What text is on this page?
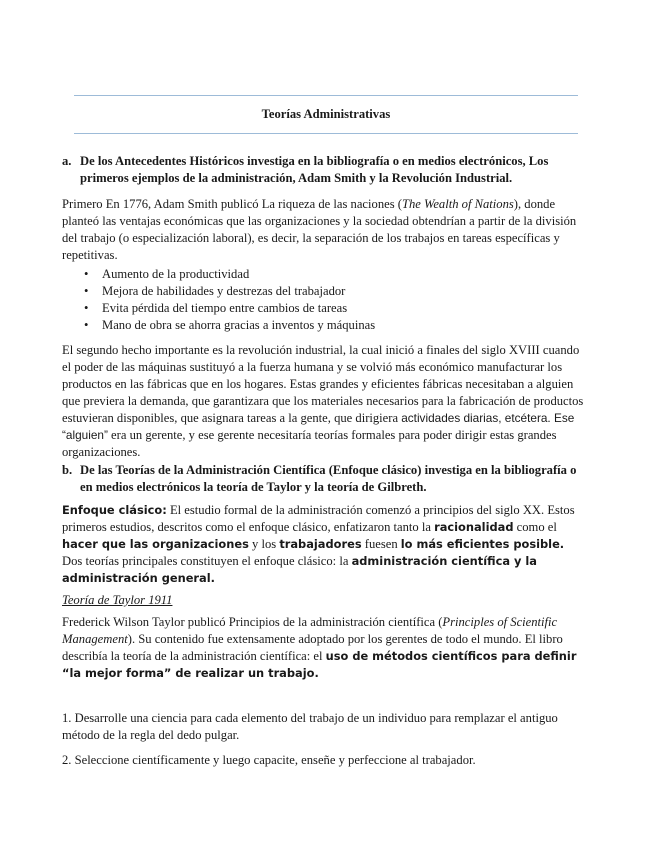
Teorías Administrativas
a. De los Antecedentes Históricos investiga en la bibliografía o en medios electrónicos, Los primeros ejemplos de la administración, Adam Smith y la Revolución Industrial.
Primero En 1776, Adam Smith publicó La riqueza de las naciones (The Wealth of Nations), donde planteó las ventajas económicas que las organizaciones y la sociedad obtendrían a partir de la división del trabajo (o especialización laboral), es decir, la separación de los trabajos en tareas específicas y repetitivas.
• Aumento de la productividad
• Mejora de habilidades y destrezas del trabajador
• Evita pérdida del tiempo entre cambios de tareas
• Mano de obra se ahorra gracias a inventos y máquinas
El segundo hecho importante es la revolución industrial, la cual inició a finales del siglo XVIII cuando el poder de las máquinas sustituyó a la fuerza humana y se volvió más económico manufacturar los productos en las fábricas que en los hogares. Estas grandes y eficientes fábricas necesitaban a alguien que previera la demanda, que garantizara que los materiales necesarios para la fabricación de productos estuvieran disponibles, que asignara tareas a la gente, que dirigiera actividades diarias, etcétera. Ese “alguien” era un gerente, y ese gerente necesitaría teorías formales para poder dirigir estas grandes organizaciones.
b. De las Teorías de la Administración Científica (Enfoque clásico) investiga en la bibliografía o en medios electrónicos la teoría de Taylor y la teoría de Gilbreth.
Enfoque clásico: El estudio formal de la administración comenzó a principios del siglo XX. Estos primeros estudios, descritos como el enfoque clásico, enfatizaron tanto la racionalidad como el hacer que las organizaciones y los trabajadores fuesen lo más eficientes posible. Dos teorías principales constituyen el enfoque clásico: la administración científica y la administración general.
Teoría de Taylor 1911
Frederick Wilson Taylor publicó Principios de la administración científica (Principles of Scientific Management). Su contenido fue extensamente adoptado por los gerentes de todo el mundo. El libro describía la teoría de la administración científica: el uso de métodos científicos para definir “la mejor forma” de realizar un trabajo.
1. Desarrolle una ciencia para cada elemento del trabajo de un individuo para remplazar el antiguo método de la regla del dedo pulgar.
2. Seleccione científicamente y luego capacite, enseñe y perfeccione al trabajador.
